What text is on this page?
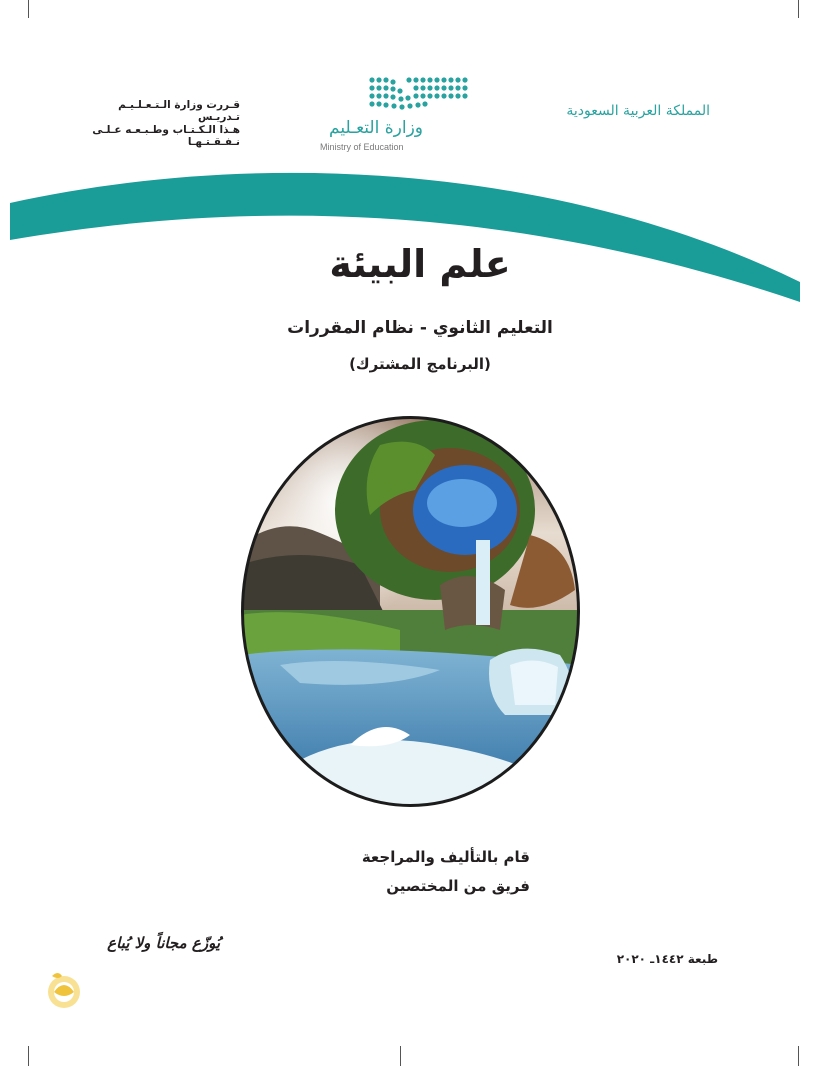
المملكة العربية السعودية
وزارة التعـليم
Ministry of Education
قـررت وزارة الـتـعـلـيـم تـدريـس
هـذا الـكـتـاب وطـبـعـه عـلـى نـفـقـتـهـا
علم البيئة
التعليم الثانوي - نظام المقررات
(البرنامج المشترك)
قام بالتأليف والمراجعة
فريق من المختصين
يُوزّع مجاناً ولا يُباع
طبعة ١٤٤٢ـ ٢٠٢٠
